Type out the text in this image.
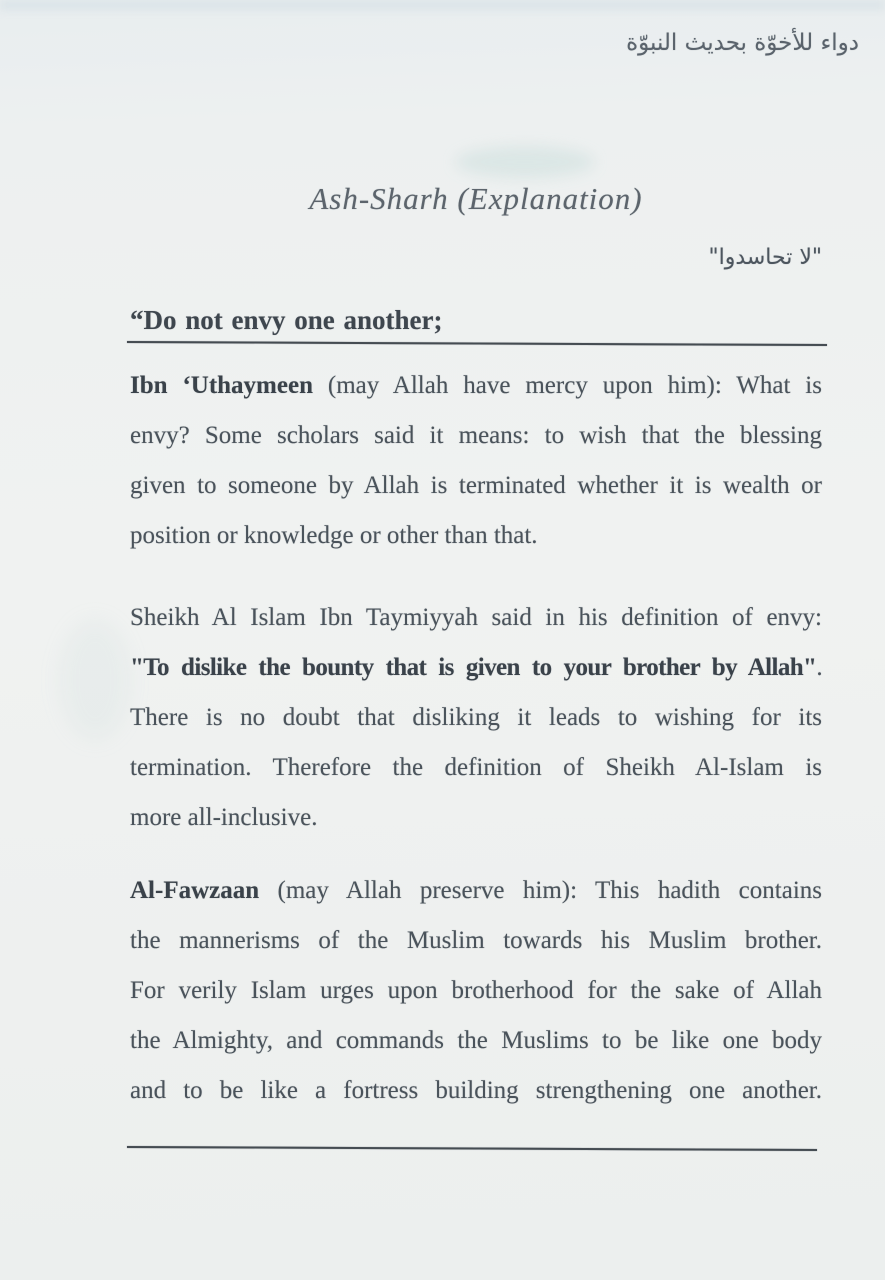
دواء للأخوّة بحديث النبوّة
Ash-Sharh (Explanation)
"لا تحاسدوا"
“Do not envy one another;
Ibn ‘Uthaymeen (may Allah have mercy upon him): What is
envy? Some scholars said it means: to wish that the blessing
given to someone by Allah is terminated whether it is wealth or
position or knowledge or other than that.
Sheikh Al Islam Ibn Taymiyyah said in his definition of envy:
"To dislike the bounty that is given to your brother by Allah".
There is no doubt that disliking it leads to wishing for its
termination. Therefore the definition of Sheikh Al-Islam is
more all-inclusive.
Al-Fawzaan (may Allah preserve him): This hadith contains
the mannerisms of the Muslim towards his Muslim brother.
For verily Islam urges upon brotherhood for the sake of Allah
the Almighty, and commands the Muslims to be like one body
and to be like a fortress building strengthening one another.
